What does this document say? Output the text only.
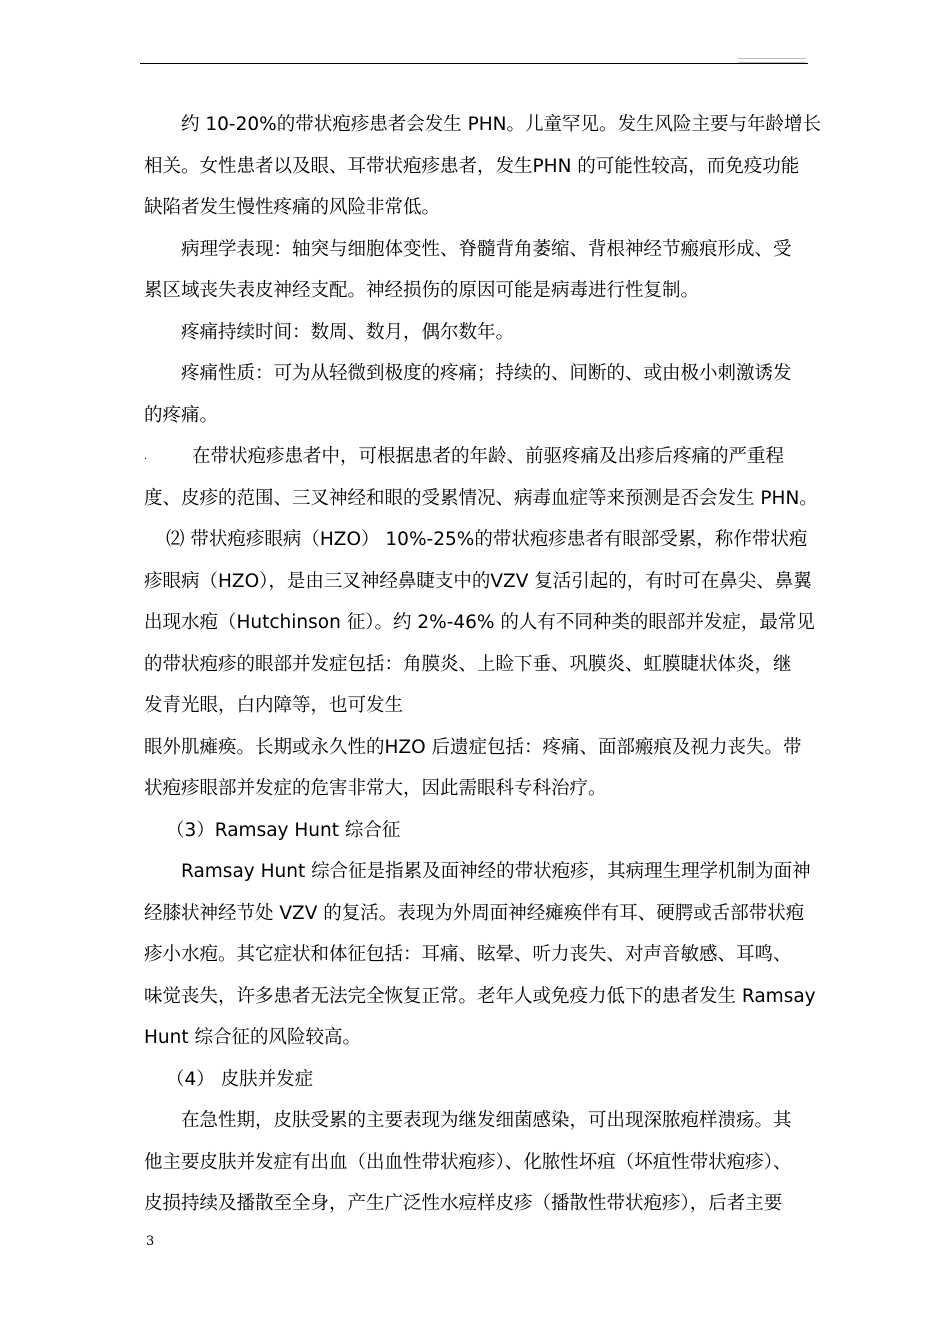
约 10-20%的带状疱疹患者会发生 PHN。儿童罕见。发生风险主要与年龄增长
相关。女性患者以及眼、耳带状疱疹患者，发生PHN 的可能性较高，而免疫功能
缺陷者发生慢性疼痛的风险非常低。
病理学表现：轴突与细胞体变性、脊髓背角萎缩、背根神经节瘢痕形成、受
累区域丧失表皮神经支配。神经损伤的原因可能是病毒进行性复制。
疼痛持续时间：数周、数月，偶尔数年。
疼痛性质：可为从轻微到极度的疼痛；持续的、间断的、或由极小刺激诱发
的疼痛。
. 在带状疱疹患者中，可根据患者的年龄、前驱疼痛及出疹后疼痛的严重程
度、皮疹的范围、三叉神经和眼的受累情况、病毒血症等来预测是否会发生 PHN。
⑵ 带状疱疹眼病（HZO） 10%-25%的带状疱疹患者有眼部受累，称作带状疱
疹眼病（HZO），是由三叉神经鼻睫支中的VZV 复活引起的，有时可在鼻尖、鼻翼
出现水疱（Hutchinson 征）。约 2%-46% 的人有不同种类的眼部并发症，最常见
的带状疱疹的眼部并发症包括：角膜炎、上睑下垂、巩膜炎、虹膜睫状体炎，继
发青光眼，白内障等，也可发生
眼外肌瘫痪。长期或永久性的HZO 后遗症包括：疼痛、面部瘢痕及视力丧失。带
状疱疹眼部并发症的危害非常大，因此需眼科专科治疗。
（3）Ramsay Hunt 综合征
Ramsay Hunt 综合征是指累及面神经的带状疱疹，其病理生理学机制为面神
经膝状神经节处 VZV 的复活。表现为外周面神经瘫痪伴有耳、硬腭或舌部带状疱
疹小水疱。其它症状和体征包括：耳痛、眩晕、听力丧失、对声音敏感、耳鸣、
味觉丧失，许多患者无法完全恢复正常。老年人或免疫力低下的患者发生 Ramsay
Hunt 综合征的风险较高。
（4） 皮肤并发症
在急性期，皮肤受累的主要表现为继发细菌感染，可出现深脓疱样溃疡。其
他主要皮肤并发症有出血（出血性带状疱疹）、化脓性坏疽（坏疽性带状疱疹）、
皮损持续及播散至全身，产生广泛性水痘样皮疹（播散性带状疱疹），后者主要
3
